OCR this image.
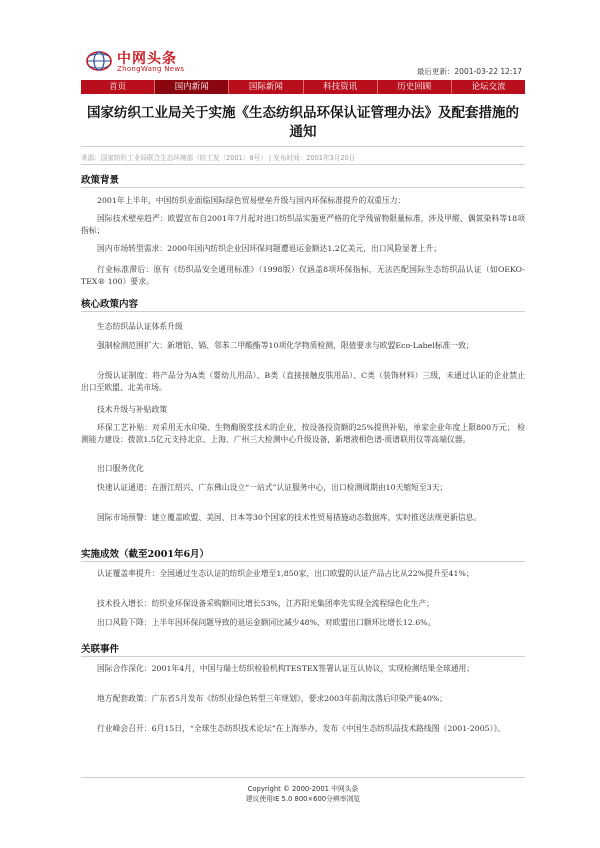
中网头条
ZhongWang News	最后更新：2001-03-22 12:17
首页	国内新闻	国际新闻	科技资讯	历史回顾	论坛交流
国家纺织工业局关于实施《生态纺织品环保认证管理办法》及配套措施的通知
来源：国家纺织工业局联合生态环境部（纺工发〔2001〕8号） | 发布时间：2001年3月20日
政策背景
2001年上半年，中国纺织业面临国际绿色贸易壁垒升级与国内环保标准提升的双重压力：
国际技术壁垒趋严：欧盟宣布自2001年7月起对进口纺织品实施更严格的化学残留物限量标准，涉及甲醛、偶氮染料等18项指标；
国内市场转型需求：2000年国内纺织企业因环保问题遭退运金额达1.2亿美元，出口风险显著上升；
行业标准滞后：原有《纺织品安全通用标准》（1998版）仅涵盖8项环保指标，无法匹配国际生态纺织品认证（如OEKO-TEX® 100）要求。
核心政策内容
生态纺织品认证体系升级
强制检测范围扩大：新增铅、镉、邻苯二甲酸酯等10项化学物质检测，限值要求与欧盟Eco-Label标准一致；
分级认证制度：将产品分为A类（婴幼儿用品）、B类（直接接触皮肤用品）、C类（装饰材料）三级，未通过认证的企业禁止出口至欧盟、北美市场。
技术升级与补贴政策
环保工艺补贴：对采用无水印染、生物酶脱浆技术的企业，按设备投资额的25%提供补贴，单家企业年度上限800万元； 检测能力建设：拨款1.5亿元支持北京、上海、广州三大检测中心升级设备，新增液相色谱-质谱联用仪等高端仪器。
出口服务优化
快速认证通道：在浙江绍兴、广东佛山设立“一站式”认证服务中心，出口检测周期由10天缩短至3天；
国际市场预警：建立覆盖欧盟、美国、日本等30个国家的技术性贸易措施动态数据库，实时推送法规更新信息。
实施成效（截至2001年6月）
认证覆盖率提升：全国通过生态认证的纺织企业增至1,850家，出口欧盟的认证产品占比从22%提升至41%；
技术投入增长：纺织业环保设备采购额同比增长53%，江苏阳光集团率先实现全流程绿色化生产；
出口风险下降：上半年因环保问题导致的退运金额同比减少48%，对欧盟出口额环比增长12.6%。
关联事件
国际合作深化：2001年4月，中国与瑞士纺织检验机构TESTEX签署认证互认协议，实现检测结果全球通用；
地方配套政策：广东省5月发布《纺织业绿色转型三年规划》，要求2003年前淘汰落后印染产能40%；
行业峰会召开：6月15日，“全球生态纺织技术论坛”在上海举办，发布《中国生态纺织品技术路线图（2001-2005）》。
Copyright © 2000-2001 中网头条
建议使用IE 5.0 800×600分辨率浏览
